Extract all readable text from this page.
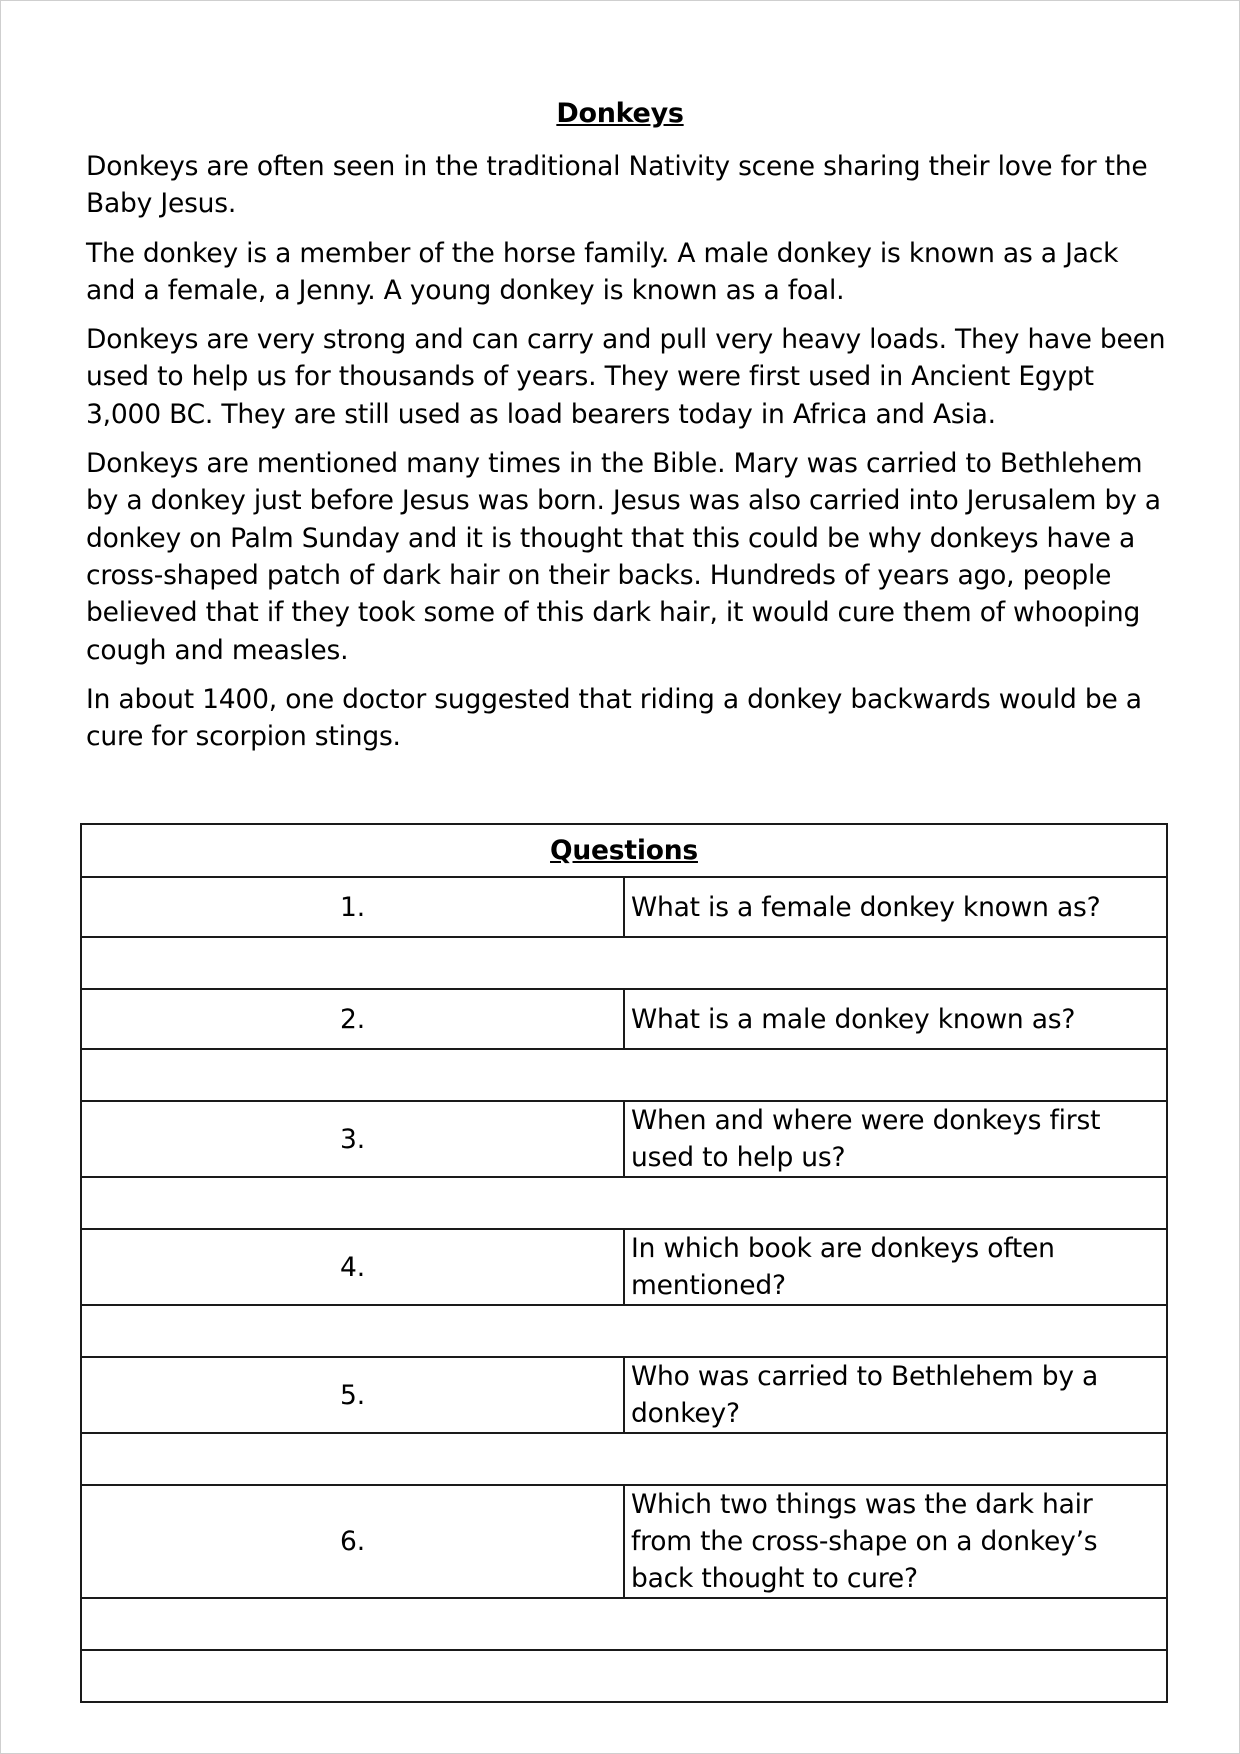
Donkeys

Donkeys are often seen in the traditional Nativity scene sharing their love for the Baby Jesus.

The donkey is a member of the horse family. A male donkey is known as a Jack and a female, a Jenny. A young donkey is known as a foal.

Donkeys are very strong and can carry and pull very heavy loads. They have been used to help us for thousands of years. They were first used in Ancient Egypt 3,000 BC. They are still used as load bearers today in Africa and Asia.

Donkeys are mentioned many times in the Bible. Mary was carried to Bethlehem by a donkey just before Jesus was born. Jesus was also carried into Jerusalem by a donkey on Palm Sunday and it is thought that this could be why donkeys have a cross-shaped patch of dark hair on their backs. Hundreds of years ago, people believed that if they took some of this dark hair, it would cure them of whooping cough and measles.

In about 1400, one doctor suggested that riding a donkey backwards would be a cure for scorpion stings.

Questions	
1.	What is a female donkey known as?

2.	What is a male donkey known as?

3.	When and where were donkeys first used to help us?

4.	In which book are donkeys often mentioned?

5.	Who was carried to Bethlehem by a donkey?

6.	Which two things was the dark hair from the cross-shape on a donkey’s back thought to cure?
